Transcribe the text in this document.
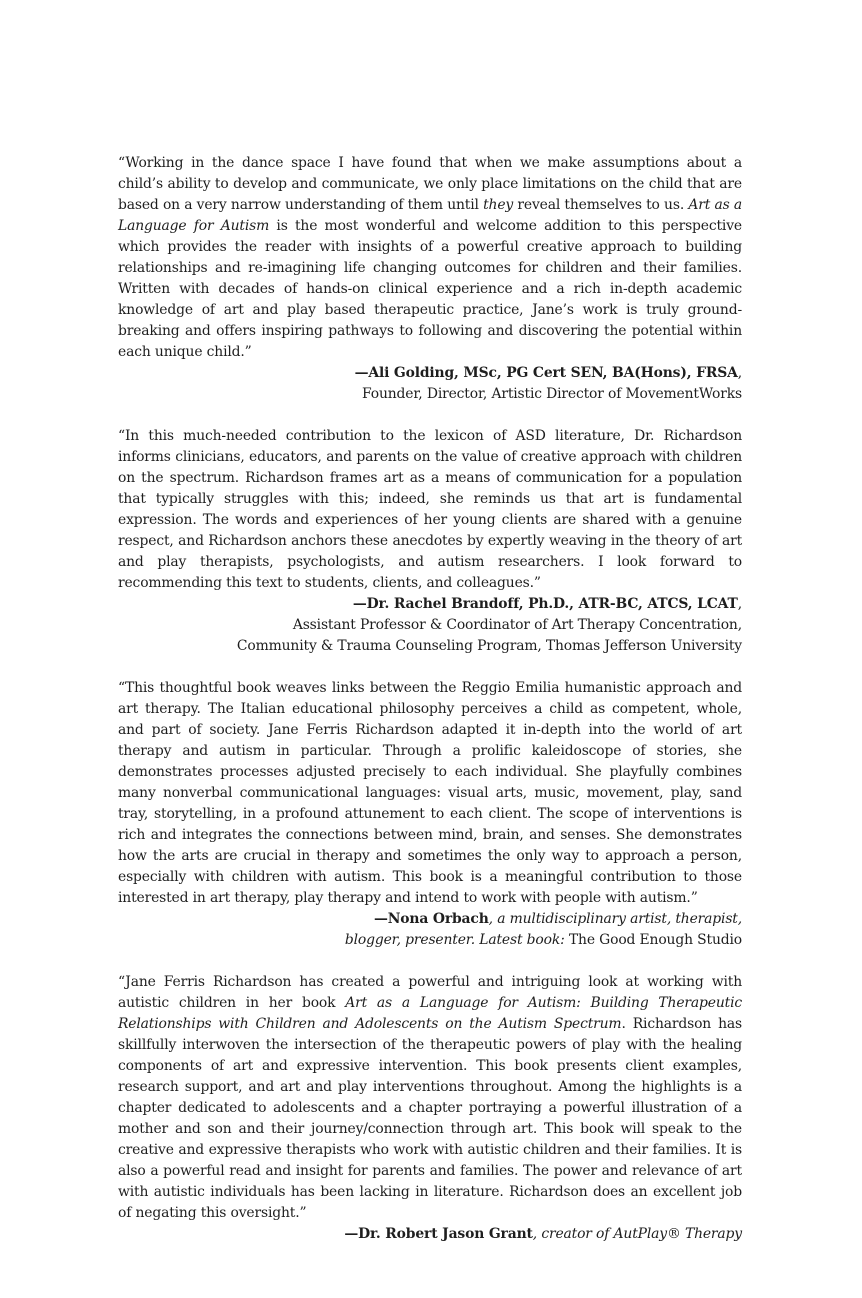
“Working in the dance space I have found that when we make assumptions about a child’s ability to develop and communicate, we only place limitations on the child that are based on a very narrow understanding of them until they reveal themselves to us. Art as a Language for Autism is the most wonderful and welcome addition to this perspective which provides the reader with insights of a powerful creative approach to building relationships and re-imagining life changing outcomes for children and their families. Written with decades of hands-on clinical experience and a rich in-depth academic knowledge of art and play based therapeutic practice, Jane’s work is truly ground-breaking and offers inspiring pathways to following and discovering the potential within each unique child.”

—Ali Golding, MSc, PG Cert SEN, BA(Hons), FRSA,

Founder, Director, Artistic Director of MovementWorks

“In this much-needed contribution to the lexicon of ASD literature, Dr. Richardson informs clinicians, educators, and parents on the value of creative approach with children on the spectrum. Richardson frames art as a means of communication for a population that typically struggles with this; indeed, she reminds us that art is fundamental expression. The words and experiences of her young clients are shared with a genuine respect, and Richardson anchors these anecdotes by expertly weaving in the theory of art and play therapists, psychologists, and autism researchers. I look forward to recommending this text to students, clients, and colleagues.”

—Dr. Rachel Brandoff, Ph.D., ATR-BC, ATCS, LCAT,

Assistant Professor & Coordinator of Art Therapy Concentration,

Community & Trauma Counseling Program, Thomas Jefferson University

“This thoughtful book weaves links between the Reggio Emilia humanistic approach and art therapy. The Italian educational philosophy perceives a child as competent, whole, and part of society. Jane Ferris Richardson adapted it in-depth into the world of art therapy and autism in particular. Through a prolific kaleidoscope of stories, she demonstrates processes adjusted precisely to each individual. She playfully combines many nonverbal communicational languages: visual arts, music, movement, play, sand tray, storytelling, in a profound attunement to each client. The scope of interventions is rich and integrates the connections between mind, brain, and senses. She demonstrates how the arts are crucial in therapy and sometimes the only way to approach a person, especially with children with autism. This book is a meaningful contribution to those interested in art therapy, play therapy and intend to work with people with autism.”

—Nona Orbach, a multidisciplinary artist, therapist,

blogger, presenter. Latest book: The Good Enough Studio

“Jane Ferris Richardson has created a powerful and intriguing look at working with autistic children in her book Art as a Language for Autism: Building Therapeutic Relationships with Children and Adolescents on the Autism Spectrum. Richardson has skillfully interwoven the intersection of the therapeutic powers of play with the healing components of art and expressive intervention. This book presents client examples, research support, and art and play interventions throughout. Among the highlights is a chapter dedicated to adolescents and a chapter portraying a powerful illustration of a mother and son and their journey/connection through art. This book will speak to the creative and expressive therapists who work with autistic children and their families. It is also a powerful read and insight for parents and families. The power and relevance of art with autistic individuals has been lacking in literature. Richardson does an excellent job of negating this oversight.”

—Dr. Robert Jason Grant, creator of AutPlay® Therapy
